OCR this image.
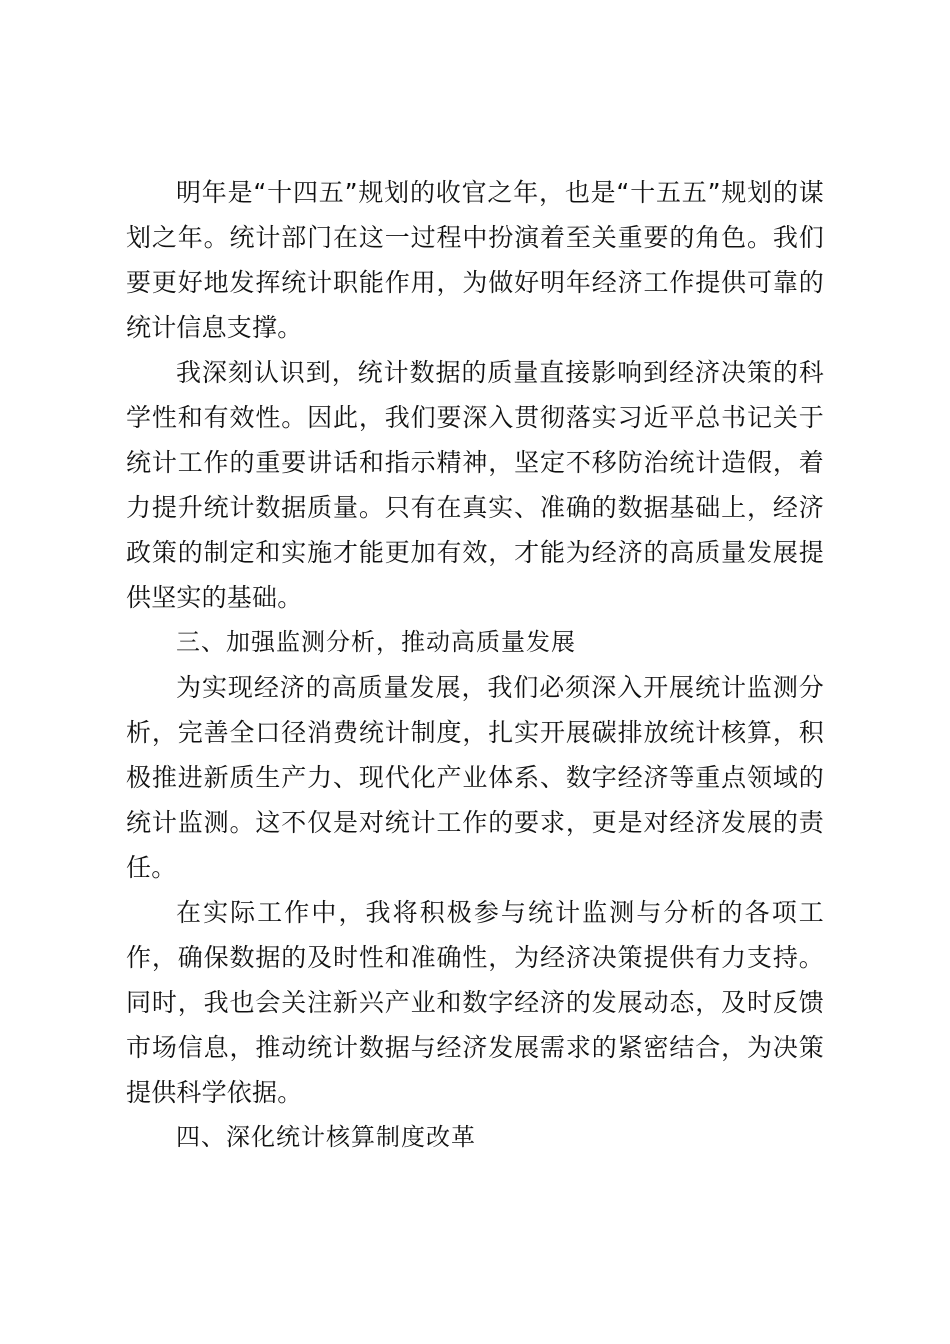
明年是“十四五”规划的收官之年，也是“十五五”规划的谋划之年。统计部门在这一过程中扮演着至关重要的角色。我们要更好地发挥统计职能作用，为做好明年经济工作提供可靠的统计信息支撑。

我深刻认识到，统计数据的质量直接影响到经济决策的科学性和有效性。因此，我们要深入贯彻落实习近平总书记关于统计工作的重要讲话和指示精神，坚定不移防治统计造假，着力提升统计数据质量。只有在真实、准确的数据基础上，经济政策的制定和实施才能更加有效，才能为经济的高质量发展提供坚实的基础。

三、加强监测分析，推动高质量发展

为实现经济的高质量发展，我们必须深入开展统计监测分析，完善全口径消费统计制度，扎实开展碳排放统计核算，积极推进新质生产力、现代化产业体系、数字经济等重点领域的统计监测。这不仅是对统计工作的要求，更是对经济发展的责任。

在实际工作中，我将积极参与统计监测与分析的各项工作，确保数据的及时性和准确性，为经济决策提供有力支持。同时，我也会关注新兴产业和数字经济的发展动态，及时反馈市场信息，推动统计数据与经济发展需求的紧密结合，为决策提供科学依据。

四、深化统计核算制度改革
